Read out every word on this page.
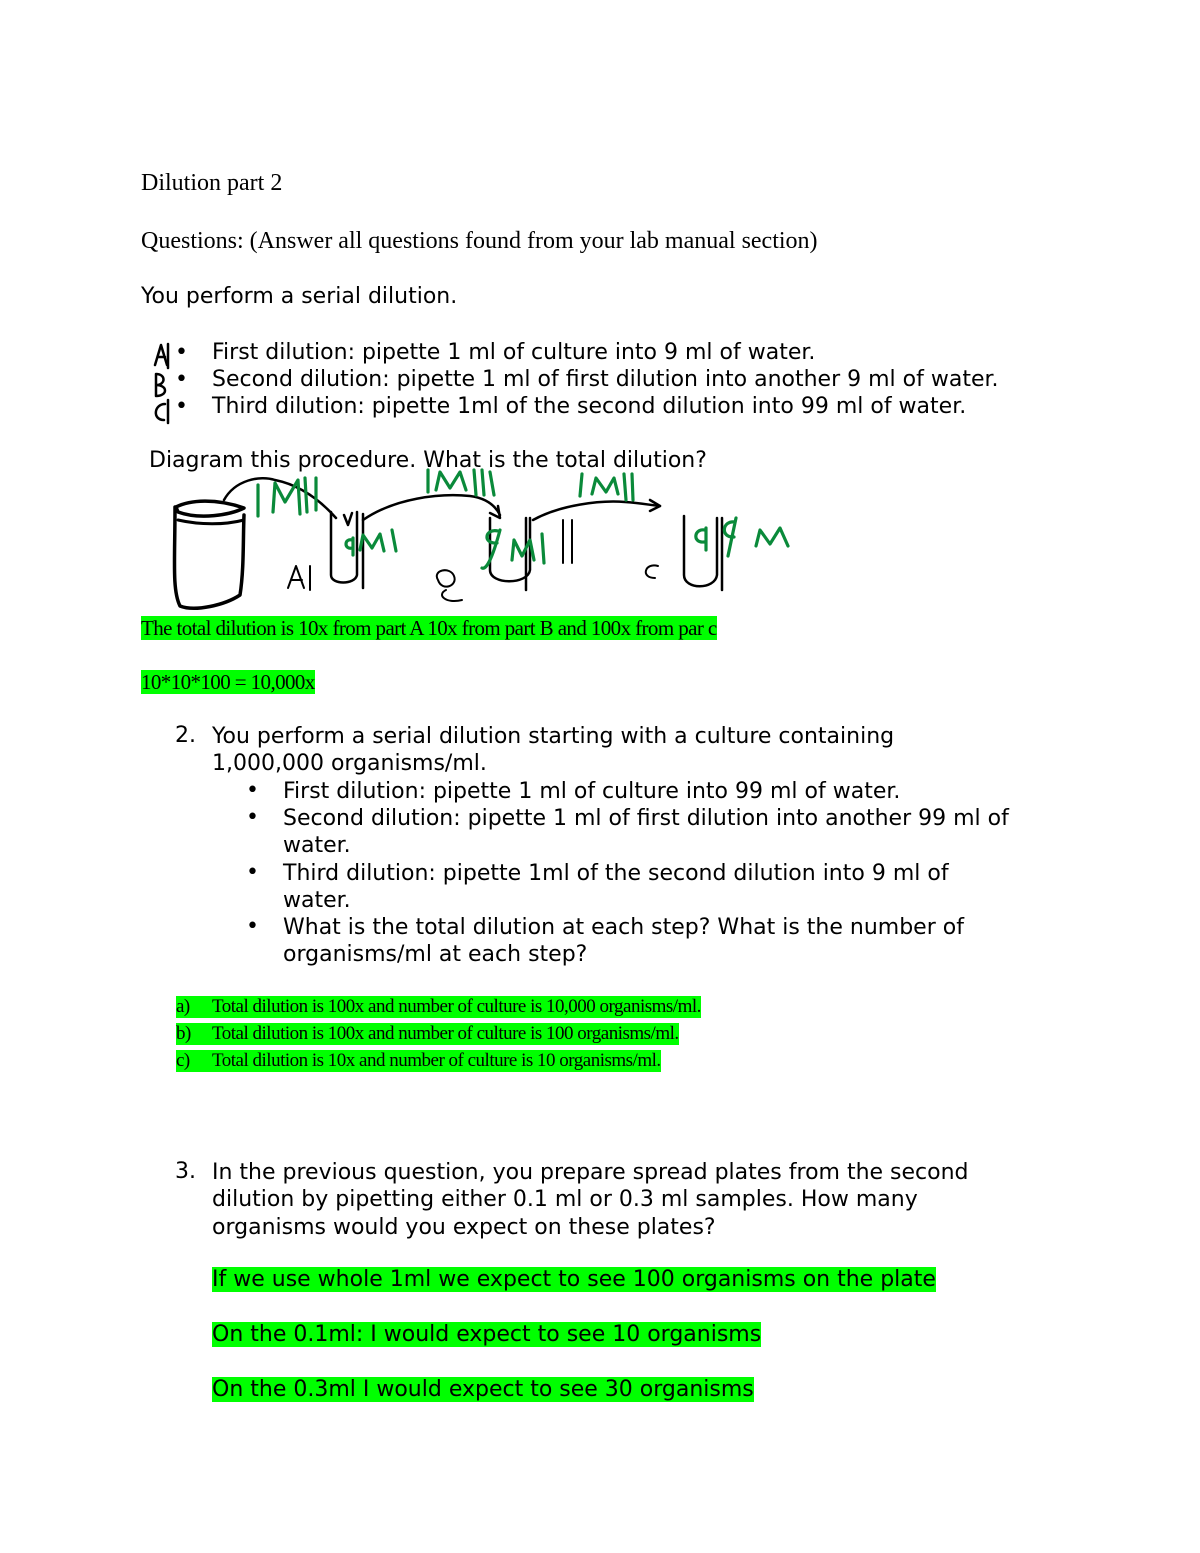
Dilution part 2
Questions: (Answer all questions found from your lab manual section)
You perform a serial dilution.
• First dilution: pipette 1 ml of culture into 9 ml of water.
• Second dilution: pipette 1 ml of first dilution into another 9 ml of water.
• Third dilution: pipette 1ml of the second dilution into 99 ml of water.
Diagram this procedure. What is the total dilution?
The total dilution is 10x from part A 10x from part B and 100x from par c
10*10*100 = 10,000x
2. You perform a serial dilution starting with a culture containing
1,000,000 organisms/ml.
• First dilution: pipette 1 ml of culture into 99 ml of water.
• Second dilution: pipette 1 ml of first dilution into another 99 ml of
water.
• Third dilution: pipette 1ml of the second dilution into 9 ml of
water.
• What is the total dilution at each step? What is the number of
organisms/ml at each step?
a) Total dilution is 100x and number of culture is 10,000 organisms/ml.
b) Total dilution is 100x and number of culture is 100 organisms/ml.
c) Total dilution is 10x and number of culture is 10 organisms/ml.
3. In the previous question, you prepare spread plates from the second
dilution by pipetting either 0.1 ml or 0.3 ml samples. How many
organisms would you expect on these plates?
If we use whole 1ml we expect to see 100 organisms on the plate
On the 0.1ml: I would expect to see 10 organisms
On the 0.3ml I would expect to see 30 organisms
